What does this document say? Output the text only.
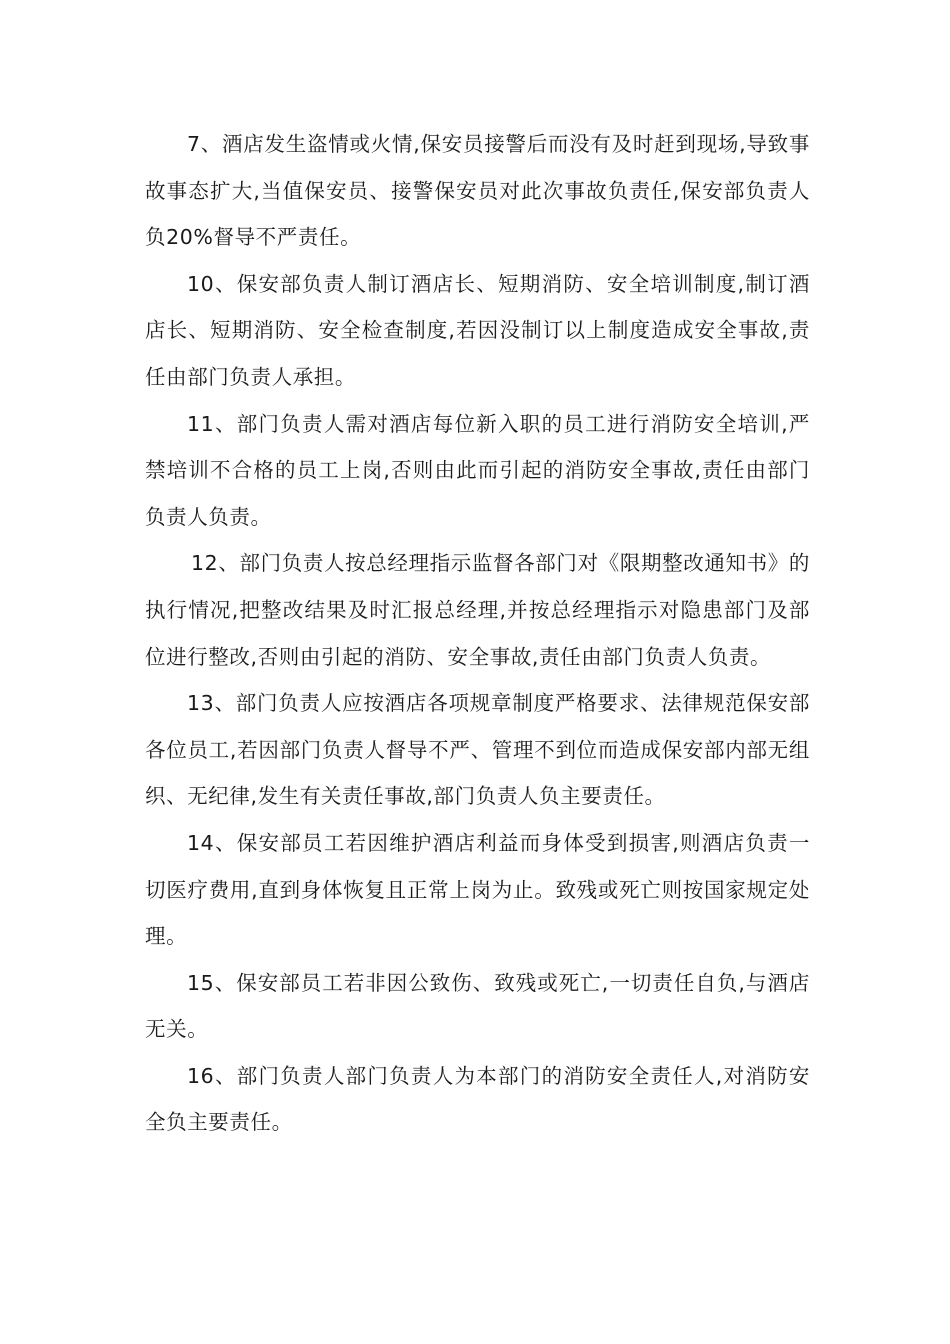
7、酒店发生盗情或火情,保安员接警后而没有及时赶到现场,导致事故事态扩大,当值保安员、接警保安员对此次事故负责任,保安部负责人负20%督导不严责任。

10、保安部负责人制订酒店长、短期消防、安全培训制度,制订酒店长、短期消防、安全检查制度,若因没制订以上制度造成安全事故,责任由部门负责人承担。

11、部门负责人需对酒店每位新入职的员工进行消防安全培训,严禁培训不合格的员工上岗,否则由此而引起的消防安全事故,责任由部门负责人负责。

12、部门负责人按总经理指示监督各部门对《限期整改通知书》的执行情况,把整改结果及时汇报总经理,并按总经理指示对隐患部门及部位进行整改,否则由引起的消防、安全事故,责任由部门负责人负责。

13、部门负责人应按酒店各项规章制度严格要求、法律规范保安部各位员工,若因部门负责人督导不严、管理不到位而造成保安部内部无组织、无纪律,发生有关责任事故,部门负责人负主要责任。

14、保安部员工若因维护酒店利益而身体受到损害,则酒店负责一切医疗费用,直到身体恢复且正常上岗为止。致残或死亡则按国家规定处理。

15、保安部员工若非因公致伤、致残或死亡,一切责任自负,与酒店无关。

16、部门负责人部门负责人为本部门的消防安全责任人,对消防安全负主要责任。
